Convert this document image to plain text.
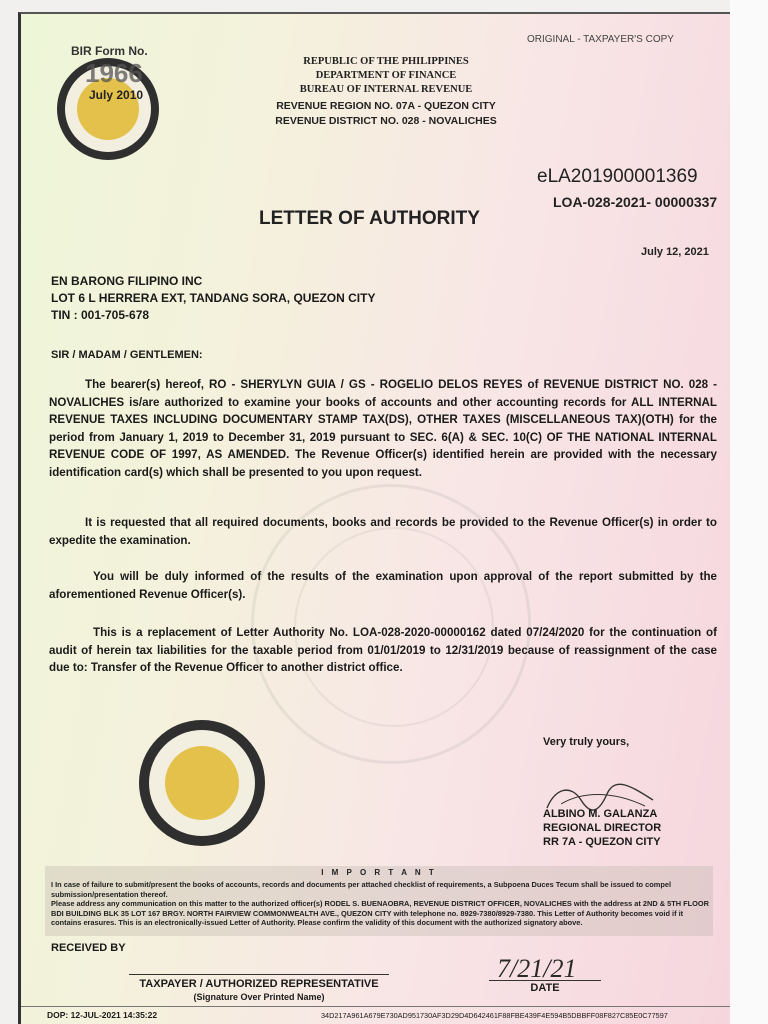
BIR Form No.
1966
July 2010
ORIGINAL - TAXPAYER'S COPY
REPUBLIC OF THE PHILIPPINES
DEPARTMENT OF FINANCE
BUREAU OF INTERNAL REVENUE
REVENUE REGION NO. 07A - QUEZON CITY
REVENUE DISTRICT NO. 028 - NOVALICHES
eLA201900001369
LOA-028-2021- 00000337
LETTER OF AUTHORITY
July 12, 2021
EN BARONG FILIPINO INC
LOT 6 L HERRERA EXT, TANDANG SORA, QUEZON CITY
TIN : 001-705-678
SIR / MADAM / GENTLEMEN:
The bearer(s) hereof, RO - SHERYLYN GUIA / GS - ROGELIO DELOS REYES of REVENUE DISTRICT NO. 028 - NOVALICHES is/are authorized to examine your books of accounts and other accounting records for ALL INTERNAL REVENUE TAXES INCLUDING DOCUMENTARY STAMP TAX(DS), OTHER TAXES (MISCELLANEOUS TAX)(OTH) for the period from January 1, 2019 to December 31, 2019 pursuant to SEC. 6(A) & SEC. 10(C) OF THE NATIONAL INTERNAL REVENUE CODE OF 1997, AS AMENDED. The Revenue Officer(s) identified herein are provided with the necessary identification card(s) which shall be presented to you upon request.
It is requested that all required documents, books and records be provided to the Revenue Officer(s) in order to expedite the examination.
You will be duly informed of the results of the examination upon approval of the report submitted by the aforementioned Revenue Officer(s).
This is a replacement of Letter Authority No. LOA-028-2020-00000162 dated 07/24/2020 for the continuation of audit of herein tax liabilities for the taxable period from 01/01/2019 to 12/31/2019 because of reassignment of the case due to: Transfer of the Revenue Officer to another district office.
Very truly yours,
ALBINO M. GALANZA
REGIONAL DIRECTOR
RR 7A - QUEZON CITY
I M P O R T A N T
I In case of failure to submit/present the books of accounts, records and documents per attached checklist of requirements, a Subpoena Duces Tecum shall be issued to compel submission/presentation thereof.
Please address any communication on this matter to the authorized officer(s) RODEL S. BUENAOBRA, REVENUE DISTRICT OFFICER, NOVALICHES with the address at 2ND & 5TH FLOOR BDI BUILDING BLK 35 LOT 167 BRGY. NORTH FAIRVIEW COMMONWEALTH AVE., QUEZON CITY with telephone no. 8929-7380/8929-7380. This Letter of Authority becomes void if it contains erasures. This is an electronically-issued Letter of Authority. Please confirm the validity of this document with the authorized signatory above.
RECEIVED BY
TAXPAYER / AUTHORIZED REPRESENTATIVE
(Signature Over Printed Name)
7/21/21
DATE
DOP: 12-JUL-2021 14:35:22	34D217A961A679E730AD951730AF3D29D4D642461F88FBE439F4E594B5DBBFF08F827C85E0C77597
